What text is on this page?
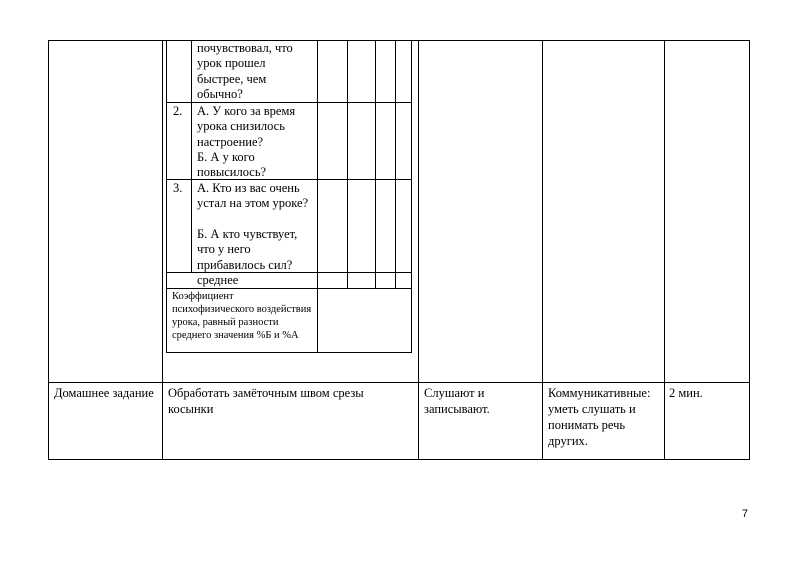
Домашнее задание	Обработать замёточным швом срезы косынки
Слушают и записывают.
Коммуникативные: уметь слушать и понимать речь других.
2 мин.
почувствовал, что урок прошел быстрее, чем обычно?
2. А. У кого за время урока снизилось настроение?
Б. А у кого повысилось?
3. А. Кто из вас очень устал на этом уроке?
Б. А кто чувствует, что у него прибавилось сил?
среднее
Коэффициент психофизического воздействия урока, равный разности среднего значения %Б и %А
7
